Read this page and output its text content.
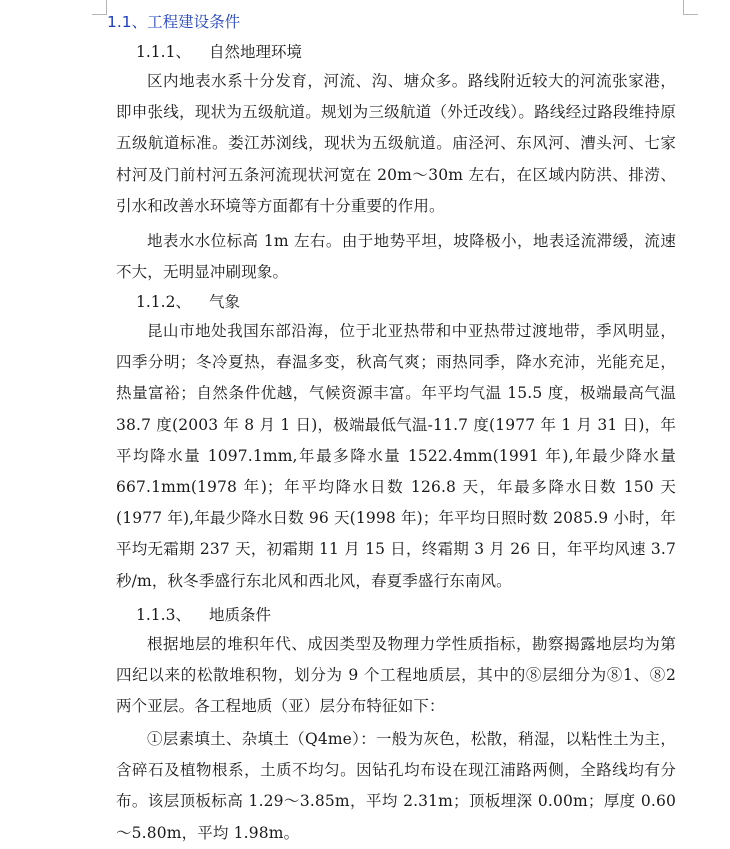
1.1、工程建设条件
1.1.1、 自然地理环境
区内地表水系十分发育，河流、沟、塘众多。路线附近较大的河流张家港，即申张线，现状为五级航道。规划为三级航道（外迁改线）。路线经过路段维持原五级航道标准。娄江苏浏线，现状为五级航道。庙泾河、东风河、漕头河、七家村河及门前村河五条河流现状河宽在 20m～30m 左右，在区域内防洪、排涝、引水和改善水环境等方面都有十分重要的作用。
地表水水位标高 1m 左右。由于地势平坦，坡降极小，地表迳流滞缓，流速不大，无明显冲刷现象。
1.1.2、 气象
昆山市地处我国东部沿海，位于北亚热带和中亚热带过渡地带，季风明显，四季分明；冬冷夏热，春温多变，秋高气爽；雨热同季，降水充沛，光能充足，热量富裕；自然条件优越，气候资源丰富。年平均气温 15.5 度，极端最高气温 38.7 度(2003 年 8 月 1 日)，极端最低气温-11.7 度(1977 年 1 月 31 日)，年平均降水量 1097.1mm,年最多降水量 1522.4mm(1991 年),年最少降水量 667.1mm(1978 年)；年平均降水日数 126.8 天，年最多降水日数 150 天(1977 年),年最少降水日数 96 天(1998 年)；年平均日照时数 2085.9 小时，年平均无霜期 237 天，初霜期 11 月 15 日，终霜期 3 月 26 日，年平均风速 3.7 秒/m，秋冬季盛行东北风和西北风，春夏季盛行东南风。
1.1.3、 地质条件
根据地层的堆积年代、成因类型及物理力学性质指标，勘察揭露地层均为第四纪以来的松散堆积物，划分为 9 个工程地质层，其中的⑧层细分为⑧1、⑧2 两个亚层。各工程地质（亚）层分布特征如下：
①层素填土、杂填土（Q4me）：一般为灰色，松散，稍湿，以粘性土为主，含碎石及植物根系，土质不均匀。因钻孔均布设在现江浦路两侧，全路线均有分布。该层顶板标高 1.29～3.85m，平均 2.31m；顶板埋深 0.00m；厚度 0.60～5.80m，平均 1.98m。
